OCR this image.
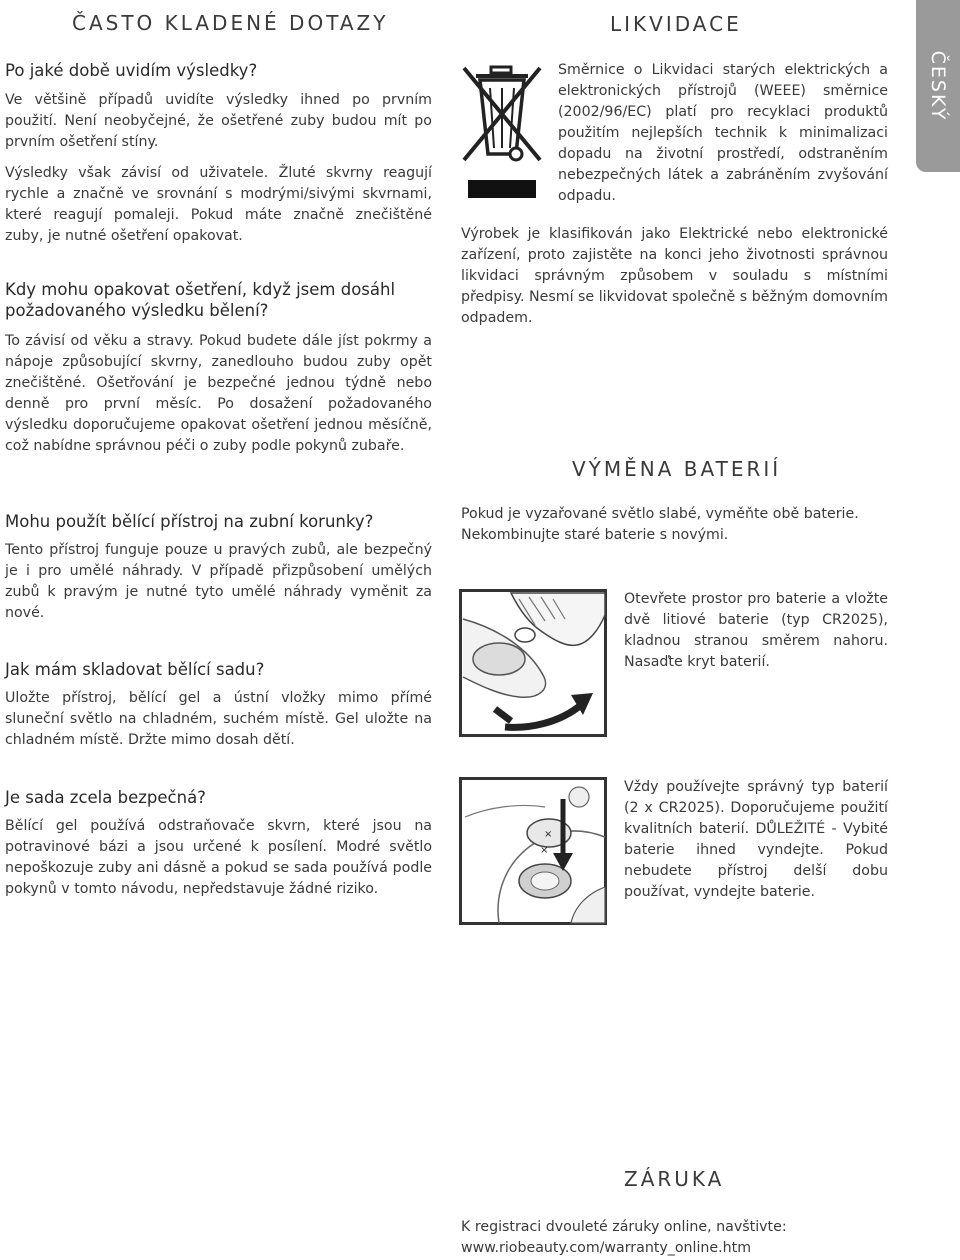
ČESKÝ
ČASTO KLADENÉ DOTAZY

Po jaké době uvidím výsledky?

Ve většině případů uvidíte výsledky ihned po prvním použití. Není neobyčejné, že ošetřené zuby budou mít po prvním ošetření stíny.

Výsledky však závisí od uživatele. Žluté skvrny reagují rychle a značně ve srovnání s modrými/sivými skvrnami, které reagují pomaleji. Pokud máte značně znečištěné zuby, je nutné ošetření opakovat.

Kdy mohu opakovat ošetření, když jsem dosáhl požadovaného výsledku bělení?

To závisí od věku a stravy. Pokud budete dále jíst pokrmy a nápoje způsobující skvrny, zanedlouho budou zuby opět znečištěné. Ošetřování je bezpečné jednou týdně nebo denně pro první měsíc. Po dosažení požadovaného výsledku doporučujeme opakovat ošetření jednou měsíčně, což nabídne správnou péči o zuby podle pokynů zubaře.

Mohu použít bělící přístroj na zubní korunky?

Tento přístroj funguje pouze u pravých zubů, ale bezpečný je i pro umělé náhrady. V případě přizpůsobení umělých zubů k pravým je nutné tyto umělé náhrady vyměnit za nové.

Jak mám skladovat bělící sadu?

Uložte přístroj, bělící gel a ústní vložky mimo přímé sluneční světlo na chladném, suchém místě. Gel uložte na chladném místě. Držte mimo dosah dětí.

Je sada zcela bezpečná?

Bělící gel používá odstraňovače skvrn, které jsou na potravinové bázi a jsou určené k posílení. Modré světlo nepoškozuje zuby ani dásně a pokud se sada používá podle pokynů v tomto návodu, nepředstavuje žádné riziko.

LIKVIDACE

Směrnice o Likvidaci starých elektrických a elektronických přístrojů (WEEE) směrnice (2002/96/EC) platí pro recyklaci produktů použitím nejlepších technik k minimalizaci dopadu na životní prostředí, odstraněním nebezpečných látek a zabráněním zvyšování odpadu.

Výrobek je klasifikován jako Elektrické nebo elektronické zařízení, proto zajistěte na konci jeho životnosti správnou likvidaci správným způsobem v souladu s místními předpisy. Nesmí se likvidovat společně s běžným domovním odpadem.

VÝMĚNA BATERIÍ

Pokud je vyzařované světlo slabé, vyměňte obě baterie. Nekombinujte staré baterie s novými.

Otevřete prostor pro baterie a vložte dvě litiové baterie (typ CR2025), kladnou stranou směrem nahoru. Nasaďte kryt baterií.

×
×

Vždy používejte správný typ baterií (2 x CR2025). Doporučujeme použití kvalitních baterií. DŮLEŽITÉ - Vybité baterie ihned vyndejte. Pokud nebudete přístroj delší dobu používat, vyndejte baterie.

ZÁRUKA

K registraci dvouleté záruky online, navštivte:

www.riobeauty.com/warranty_online.htm
